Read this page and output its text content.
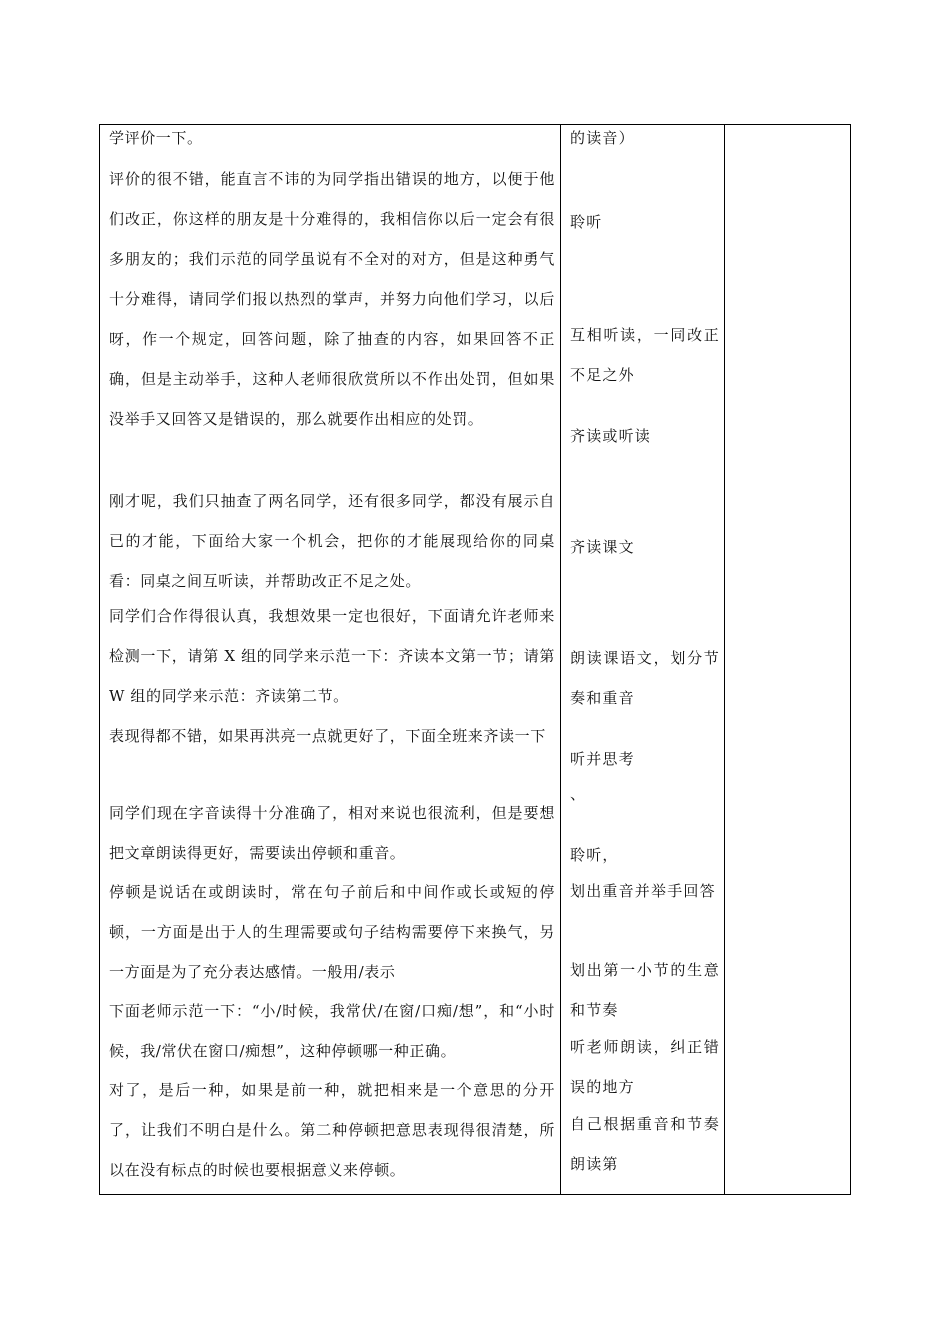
学评价一下。

评价的很不错，能直言不讳的为同学指出错误的地方，以便于他们改正，你这样的朋友是十分难得的，我相信你以后一定会有很多朋友的；我们示范的同学虽说有不全对的对方，但是这种勇气十分难得，请同学们报以热烈的掌声，并努力向他们学习，以后呀，作一个规定，回答问题，除了抽查的内容，如果回答不正确，但是主动举手，这种人老师很欣赏所以不作出处罚，但如果没举手又回答又是错误的，那么就要作出相应的处罚。

刚才呢，我们只抽查了两名同学，还有很多同学，都没有展示自已的才能，下面给大家一个机会，把你的才能展现给你的同桌看：同桌之间互听读，并帮助改正不足之处。

同学们合作得很认真，我想效果一定也很好，下面请允许老师来检测一下，请第 X 组的同学来示范一下：齐读本文第一节；请第 W 组的同学来示范：齐读第二节。

表现得都不错，如果再洪亮一点就更好了，下面全班来齐读一下

同学们现在字音读得十分准确了，相对来说也很流利，但是要想把文章朗读得更好，需要读出停顿和重音。

停顿是说话在或朗读时，常在句子前后和中间作或长或短的停顿，一方面是出于人的生理需要或句子结构需要停下来换气，另一方面是为了充分表达感情。一般用/表示

下面老师示范一下：“小/时候，我常伏/在窗/口痴/想”，和“小时候，我/常伏在窗口/痴想”，这种停顿哪一种正确。

对了，是后一种，如果是前一种，就把相来是一个意思的分开了，让我们不明白是什么。第二种停顿把意思表现得很清楚，所以在没有标点的时候也要根据意义来停顿。

的读音）

聆听

互相听读，一同改正不足之外

齐读或听读

齐读课文

朗读课语文，划分节奏和重音

听并思考

、

聆听，

划出重音并举手回答

划出第一小节的生意和节奏

听老师朗读，纠正错误的地方

自己根据重音和节奏朗读第
